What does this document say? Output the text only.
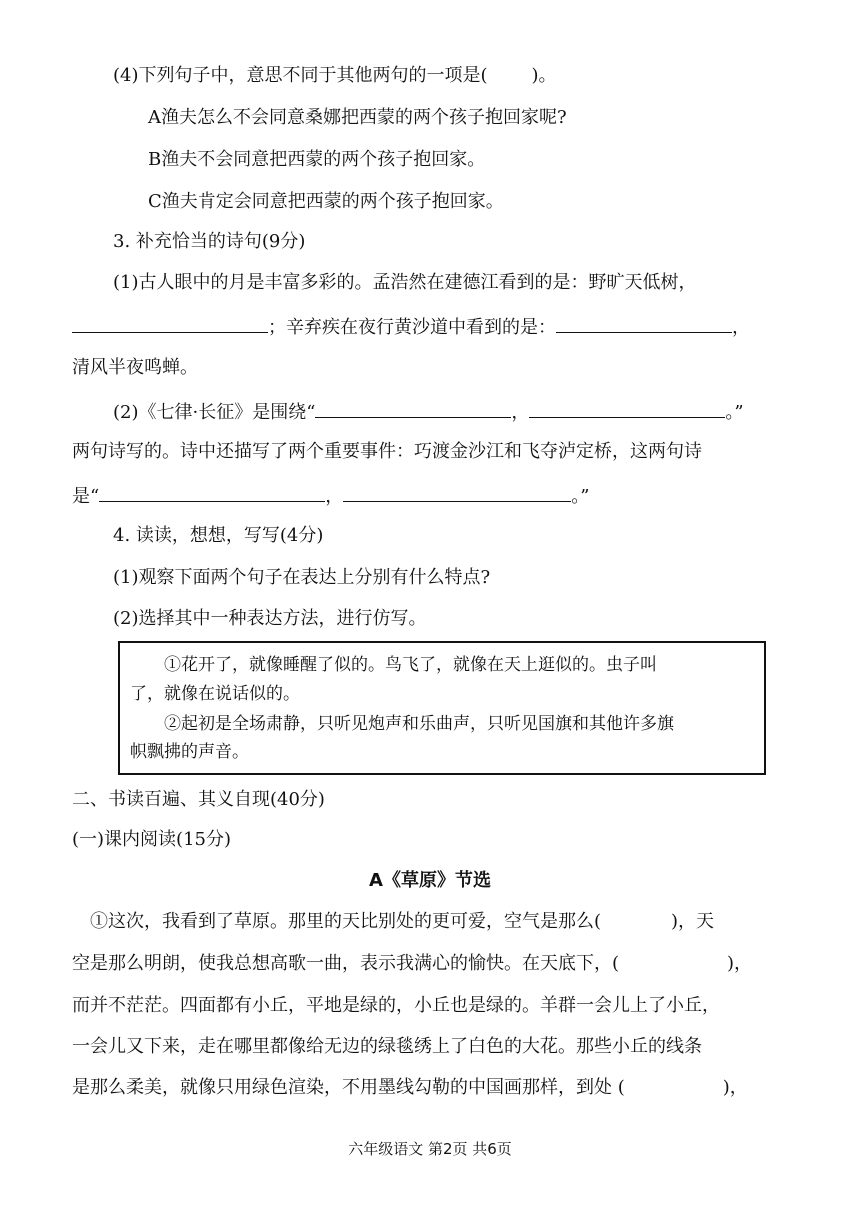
(4)下列句子中，意思不同于其他两句的一项是( )。
A渔夫怎么不会同意桑娜把西蒙的两个孩子抱回家呢?
B渔夫不会同意把西蒙的两个孩子抱回家。
C渔夫肯定会同意把西蒙的两个孩子抱回家。
3. 补充恰当的诗句(9分)
(1)古人眼中的月是丰富多彩的。孟浩然在建德江看到的是：野旷天低树，
；辛弃疾在夜行黄沙道中看到的是：	，
清风半夜鸣蝉。
(2)《七律·长征》是围绕“	，	。”
两句诗写的。诗中还描写了两个重要事件：巧渡金沙江和飞夺泸定桥，这两句诗
是“	，	。”
4. 读读，想想，写写(4分)
(1)观察下面两个句子在表达上分别有什么特点?
(2)选择其中一种表达方法，进行仿写。
①花开了，就像睡醒了似的。鸟飞了，就像在天上逛似的。虫子叫
了，就像在说话似的。
②起初是全场肃静，只听见炮声和乐曲声，只听见国旗和其他许多旗
帜飘拂的声音。
二、书读百遍、其义自现(40分)
(一)课内阅读(15分)
A《草原》节选
①这次，我看到了草原。那里的天比别处的更可爱，空气是那么(	)，天
空是那么明朗，使我总想高歌一曲，表示我满心的愉快。在天底下，(	)，
而并不茫茫。四面都有小丘，平地是绿的，小丘也是绿的。羊群一会儿上了小丘，
一会儿又下来，走在哪里都像给无边的绿毯绣上了白色的大花。那些小丘的线条
是那么柔美，就像只用绿色渲染，不用墨线勾勒的中国画那样，到处 (	)，
六年级语文 第2页 共6页
